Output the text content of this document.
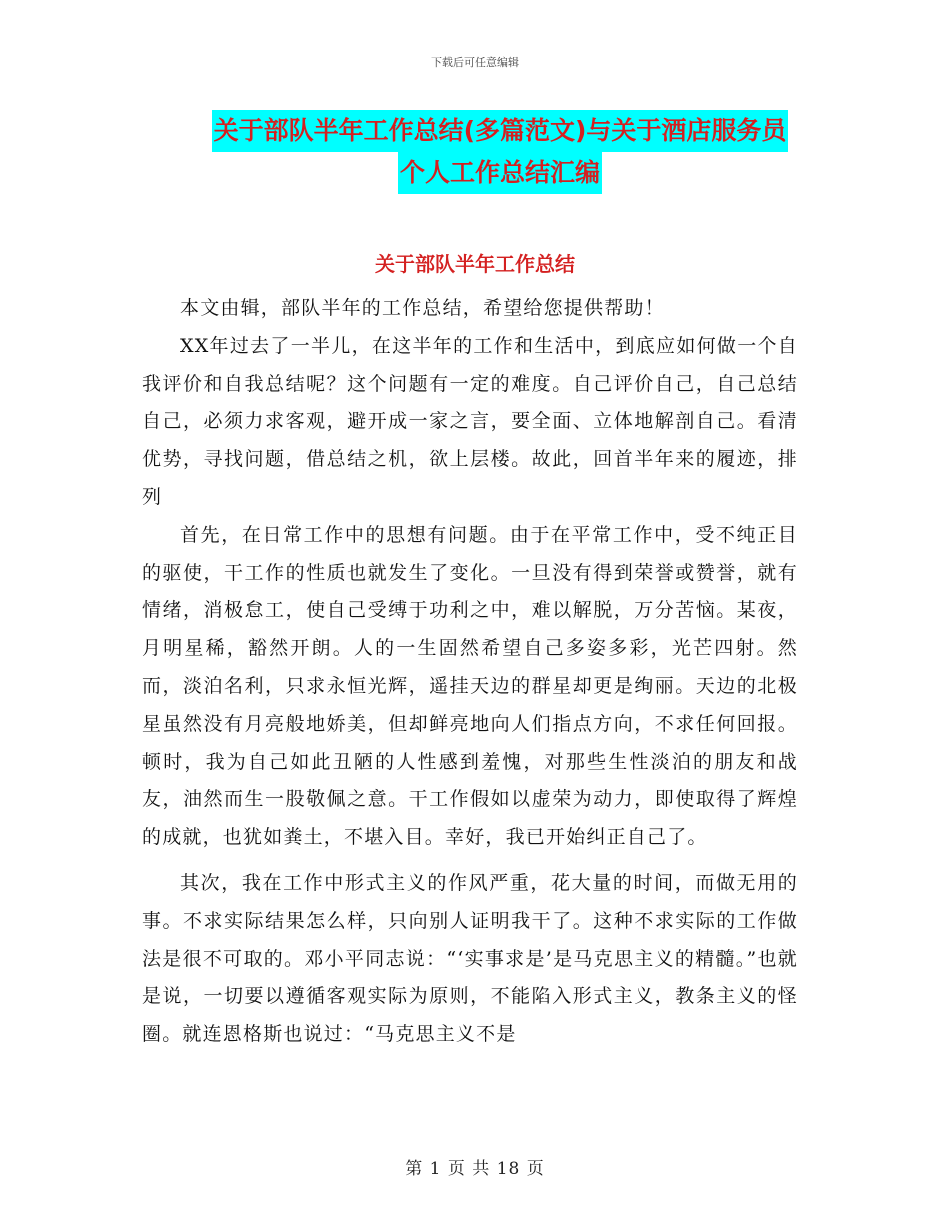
下载后可任意编辑
关于部队半年工作总结(多篇范文)与关于酒店服务员
个人工作总结汇编
关于部队半年工作总结

本文由辑，部队半年的工作总结，希望给您提供帮助！

XX年过去了一半儿，在这半年的工作和生活中，到底应如何做一个自我评价和自我总结呢？这个问题有一定的难度。自己评价自己，自己总结自己，必须力求客观，避开成一家之言，要全面、立体地解剖自己。看清优势，寻找问题，借总结之机，欲上层楼。故此，回首半年来的履迹，排列

首先，在日常工作中的思想有问题。由于在平常工作中，受不纯正目的驱使，干工作的性质也就发生了变化。一旦没有得到荣誉或赞誉，就有情绪，消极怠工，使自己受缚于功利之中，难以解脱，万分苦恼。某夜，月明星稀，豁然开朗。人的一生固然希望自己多姿多彩，光芒四射。然而，淡泊名利，只求永恒光辉，遥挂天边的群星却更是绚丽。天边的北极星虽然没有月亮般地娇美，但却鲜亮地向人们指点方向，不求任何回报。顿时，我为自己如此丑陋的人性感到羞愧，对那些生性淡泊的朋友和战友，油然而生一股敬佩之意。干工作假如以虚荣为动力，即使取得了辉煌的成就，也犹如粪土，不堪入目。幸好，我已开始纠正自己了。

其次，我在工作中形式主义的作风严重，花大量的时间，而做无用的事。不求实际结果怎么样，只向别人证明我干了。这种不求实际的工作做法是很不可取的。邓小平同志说：“‘实事求是’是马克思主义的精髓。”也就是说，一切要以遵循客观实际为原则，不能陷入形式主义，教条主义的怪圈。就连恩格斯也说过：“马克思主义不是

第 1 页 共 18 页
